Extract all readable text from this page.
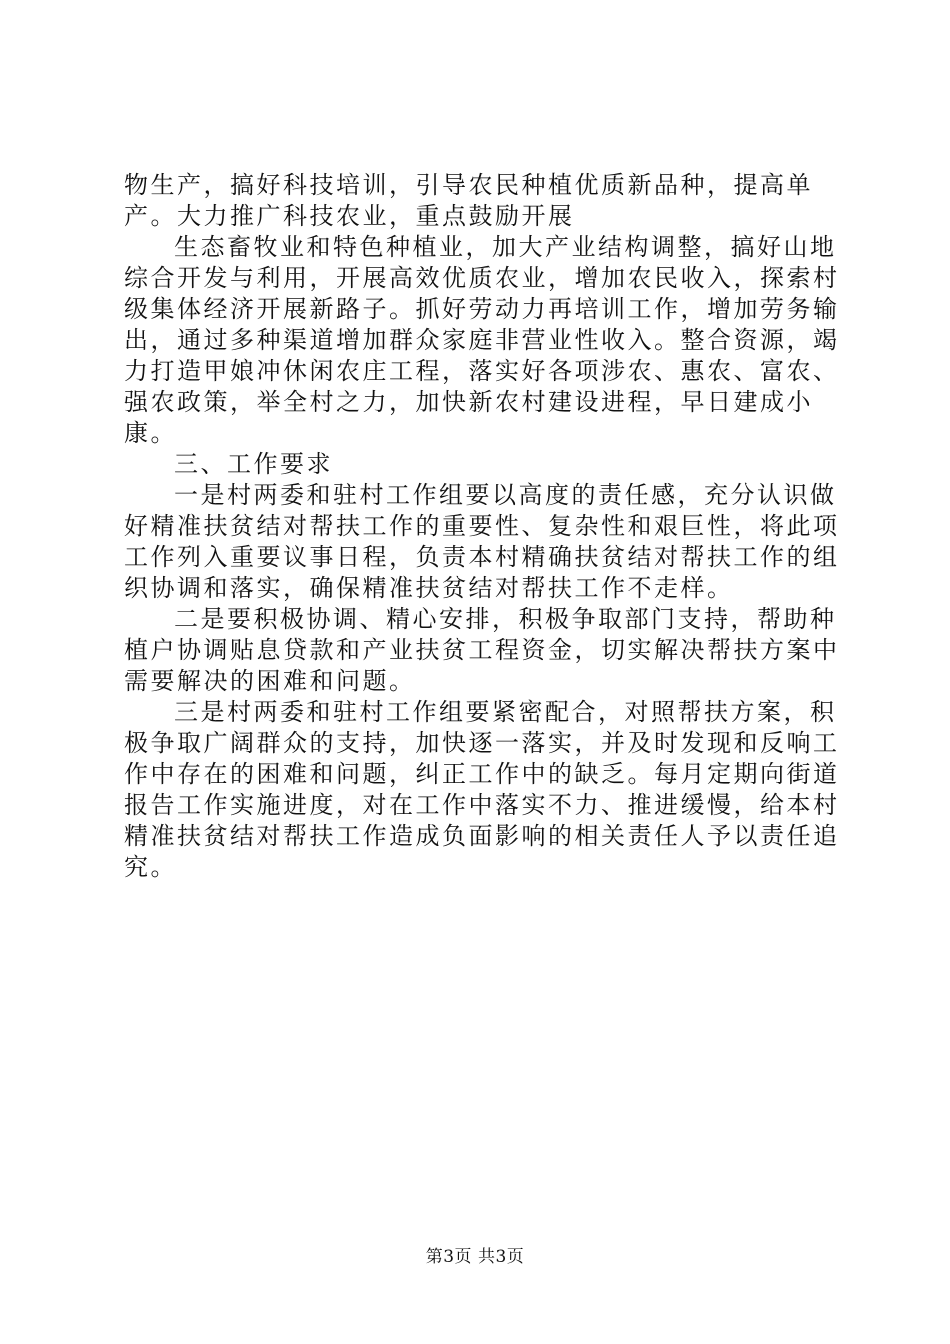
物生产，搞好科技培训，引导农民种植优质新品种，提高单产。大力推广科技农业，重点鼓励开展

生态畜牧业和特色种植业，加大产业结构调整，搞好山地综合开发与利用，开展高效优质农业，增加农民收入，探索村级集体经济开展新路子。抓好劳动力再培训工作，增加劳务输出，通过多种渠道增加群众家庭非营业性收入。整合资源，竭力打造甲娘冲休闲农庄工程，落实好各项涉农、惠农、富农、强农政策，举全村之力，加快新农村建设进程，早日建成小康。

三、工作要求

一是村两委和驻村工作组要以高度的责任感，充分认识做好精准扶贫结对帮扶工作的重要性、复杂性和艰巨性，将此项工作列入重要议事日程，负责本村精确扶贫结对帮扶工作的组织协调和落实，确保精准扶贫结对帮扶工作不走样。

二是要积极协调、精心安排，积极争取部门支持，帮助种植户协调贴息贷款和产业扶贫工程资金，切实解决帮扶方案中需要解决的困难和问题。

三是村两委和驻村工作组要紧密配合，对照帮扶方案，积极争取广阔群众的支持，加快逐一落实，并及时发现和反响工作中存在的困难和问题，纠正工作中的缺乏。每月定期向街道报告工作实施进度，对在工作中落实不力、推进缓慢，给本村精准扶贫结对帮扶工作造成负面影响的相关责任人予以责任追究。

第3页 共3页
